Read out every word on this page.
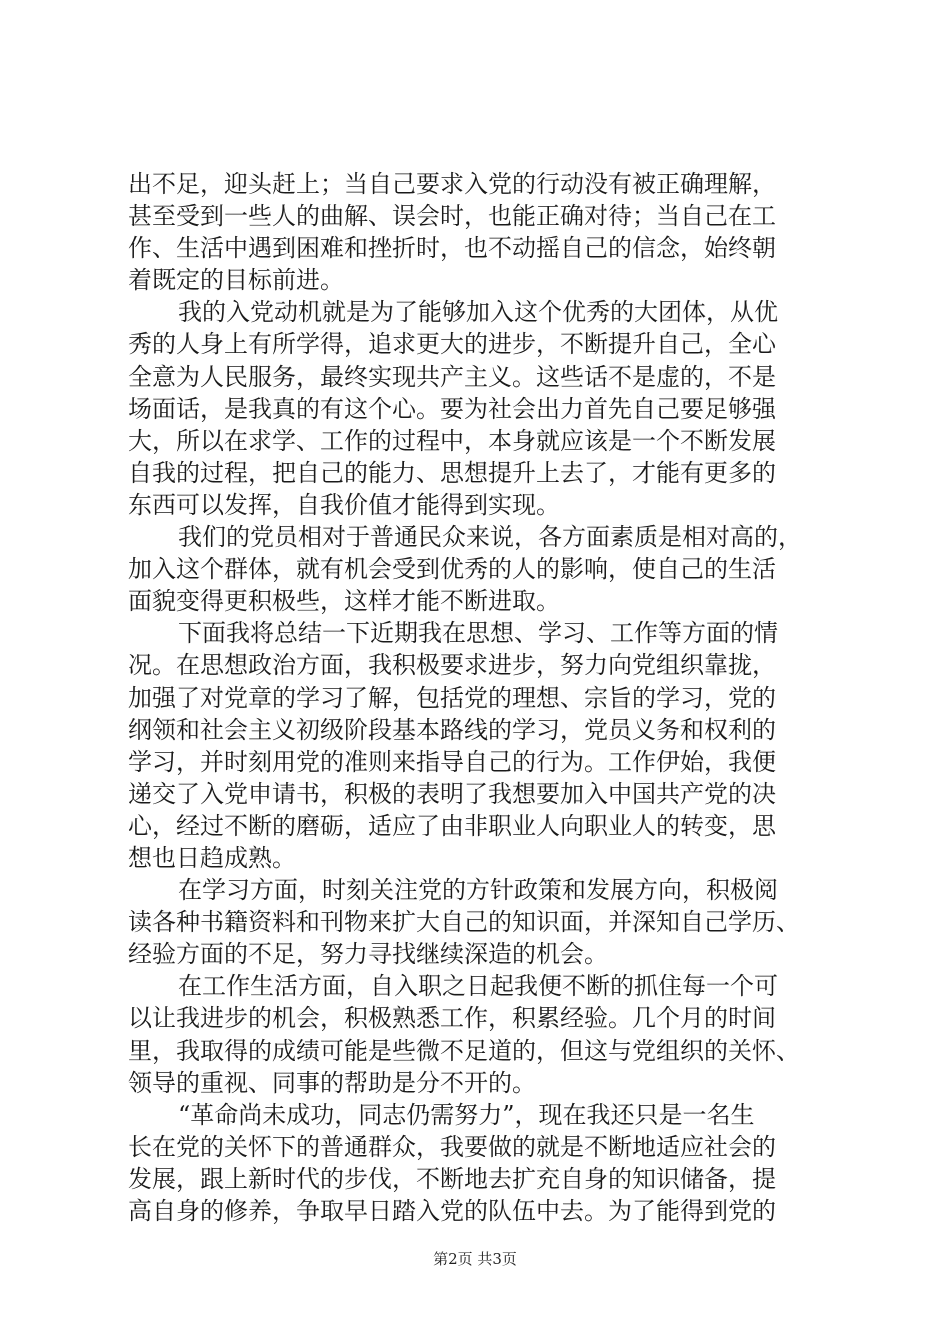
出不足，迎头赶上；当自己要求入党的行动没有被正确理解，
甚至受到一些人的曲解、误会时，也能正确对待；当自己在工
作、生活中遇到困难和挫折时，也不动摇自己的信念，始终朝
着既定的目标前进。
我的入党动机就是为了能够加入这个优秀的大团体，从优
秀的人身上有所学得，追求更大的进步，不断提升自己，全心
全意为人民服务，最终实现共产主义。这些话不是虚的，不是
场面话，是我真的有这个心。要为社会出力首先自己要足够强
大，所以在求学、工作的过程中，本身就应该是一个不断发展
自我的过程，把自己的能力、思想提升上去了，才能有更多的
东西可以发挥，自我价值才能得到实现。
我们的党员相对于普通民众来说，各方面素质是相对高的，
加入这个群体，就有机会受到优秀的人的影响，使自己的生活
面貌变得更积极些，这样才能不断进取。
下面我将总结一下近期我在思想、学习、工作等方面的情
况。在思想政治方面，我积极要求进步，努力向党组织靠拢，
加强了对党章的学习了解，包括党的理想、宗旨的学习，党的
纲领和社会主义初级阶段基本路线的学习，党员义务和权利的
学习，并时刻用党的准则来指导自己的行为。工作伊始，我便
递交了入党申请书，积极的表明了我想要加入中国共产党的决
心，经过不断的磨砺，适应了由非职业人向职业人的转变，思
想也日趋成熟。
在学习方面，时刻关注党的方针政策和发展方向，积极阅
读各种书籍资料和刊物来扩大自己的知识面，并深知自己学历、
经验方面的不足，努力寻找继续深造的机会。
在工作生活方面，自入职之日起我便不断的抓住每一个可
以让我进步的机会，积极熟悉工作，积累经验。几个月的时间
里，我取得的成绩可能是些微不足道的，但这与党组织的关怀、
领导的重视、同事的帮助是分不开的。
“革命尚未成功，同志仍需努力”，现在我还只是一名生
长在党的关怀下的普通群众，我要做的就是不断地适应社会的
发展，跟上新时代的步伐，不断地去扩充自身的知识储备，提
高自身的修养，争取早日踏入党的队伍中去。为了能得到党的
第2页 共3页
